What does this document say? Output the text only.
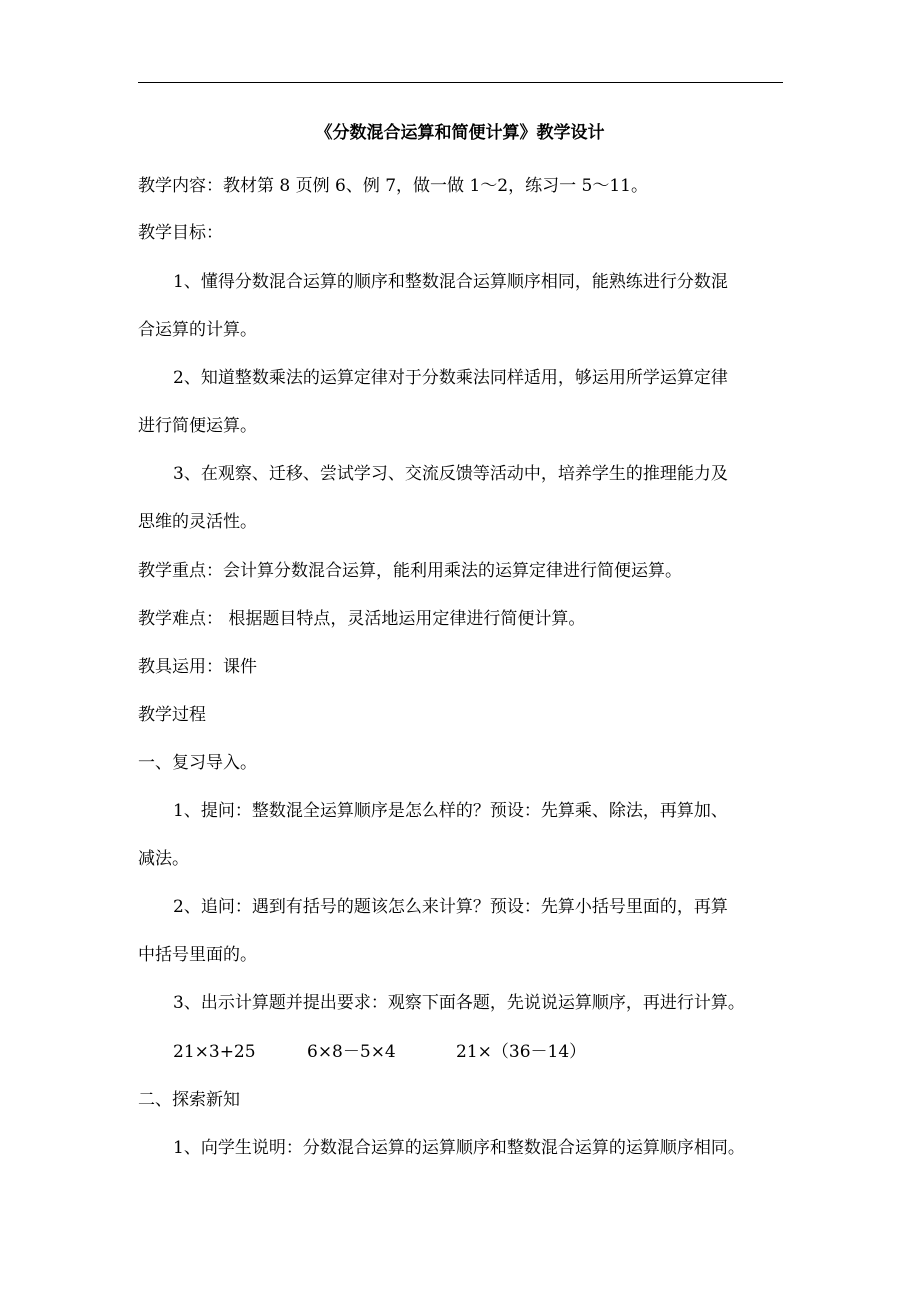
《分数混合运算和简便计算》教学设计
教学内容：教材第 8 页例 6、例 7，做一做 1～2，练习一 5～11。
教学目标：
1、懂得分数混合运算的顺序和整数混合运算顺序相同，能熟练进行分数混
合运算的计算。
2、知道整数乘法的运算定律对于分数乘法同样适用，够运用所学运算定律
进行简便运算。
3、在观察、迁移、尝试学习、交流反馈等活动中，培养学生的推理能力及
思维的灵活性。
教学重点：会计算分数混合运算，能利用乘法的运算定律进行简便运算。
教学难点： 根据题目特点，灵活地运用定律进行简便计算。
教具运用：课件
教学过程
一、复习导入。
1、提问：整数混全运算顺序是怎么样的？预设：先算乘、除法，再算加、
减法。
2、追问：遇到有括号的题该怎么来计算？预设：先算小括号里面的，再算
中括号里面的。
3、出示计算题并提出要求：观察下面各题，先说说运算顺序，再进行计算。
21×3+25	6×8－5×4	21×（36－14）
二、探索新知
1、向学生说明：分数混合运算的运算顺序和整数混合运算的运算顺序相同。
